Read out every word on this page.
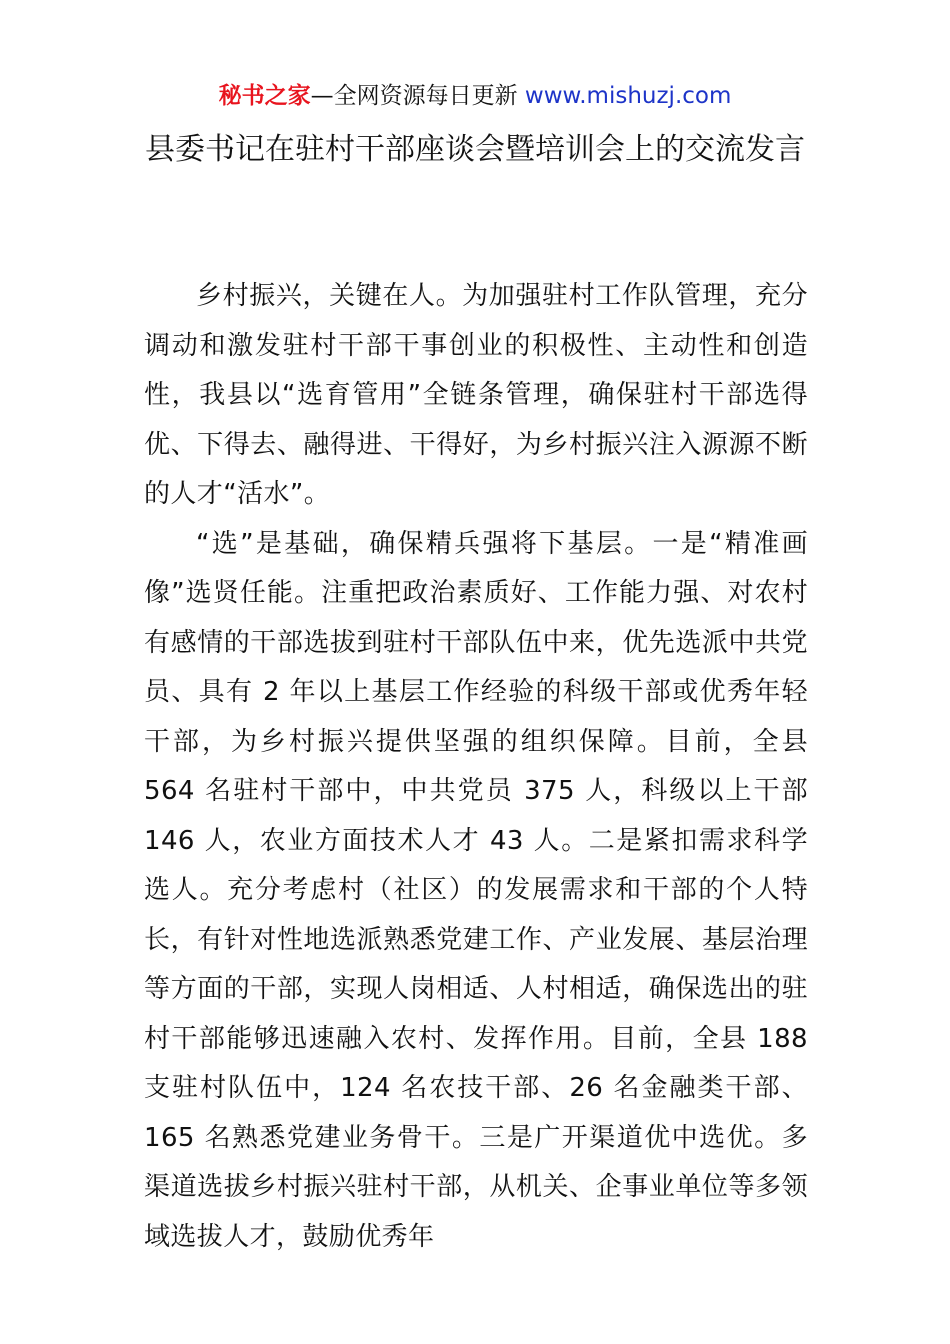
秘书之家—全网资源每日更新 www.mishuzj.com
县委书记在驻村干部座谈会暨培训会上的交流发言

乡村振兴，关键在人。为加强驻村工作队管理，充分调动和激发驻村干部干事创业的积极性、主动性和创造性，我县以“选育管用”全链条管理，确保驻村干部选得优、下得去、融得进、干得好，为乡村振兴注入源源不断的人才“活水”。

“选”是基础，确保精兵强将下基层。一是“精准画像”选贤任能。注重把政治素质好、工作能力强、对农村有感情的干部选拔到驻村干部队伍中来，优先选派中共党员、具有 2 年以上基层工作经验的科级干部或优秀年轻干部，为乡村振兴提供坚强的组织保障。目前，全县 564 名驻村干部中，中共党员 375 人，科级以上干部 146 人，农业方面技术人才 43 人。二是紧扣需求科学选人。充分考虑村（社区）的发展需求和干部的个人特长，有针对性地选派熟悉党建工作、产业发展、基层治理等方面的干部，实现人岗相适、人村相适，确保选出的驻村干部能够迅速融入农村、发挥作用。目前，全县 188 支驻村队伍中，124 名农技干部、26 名金融类干部、165 名熟悉党建业务骨干。三是广开渠道优中选优。多渠道选拔乡村振兴驻村干部，从机关、企事业单位等多领域选拔人才，鼓励优秀年
